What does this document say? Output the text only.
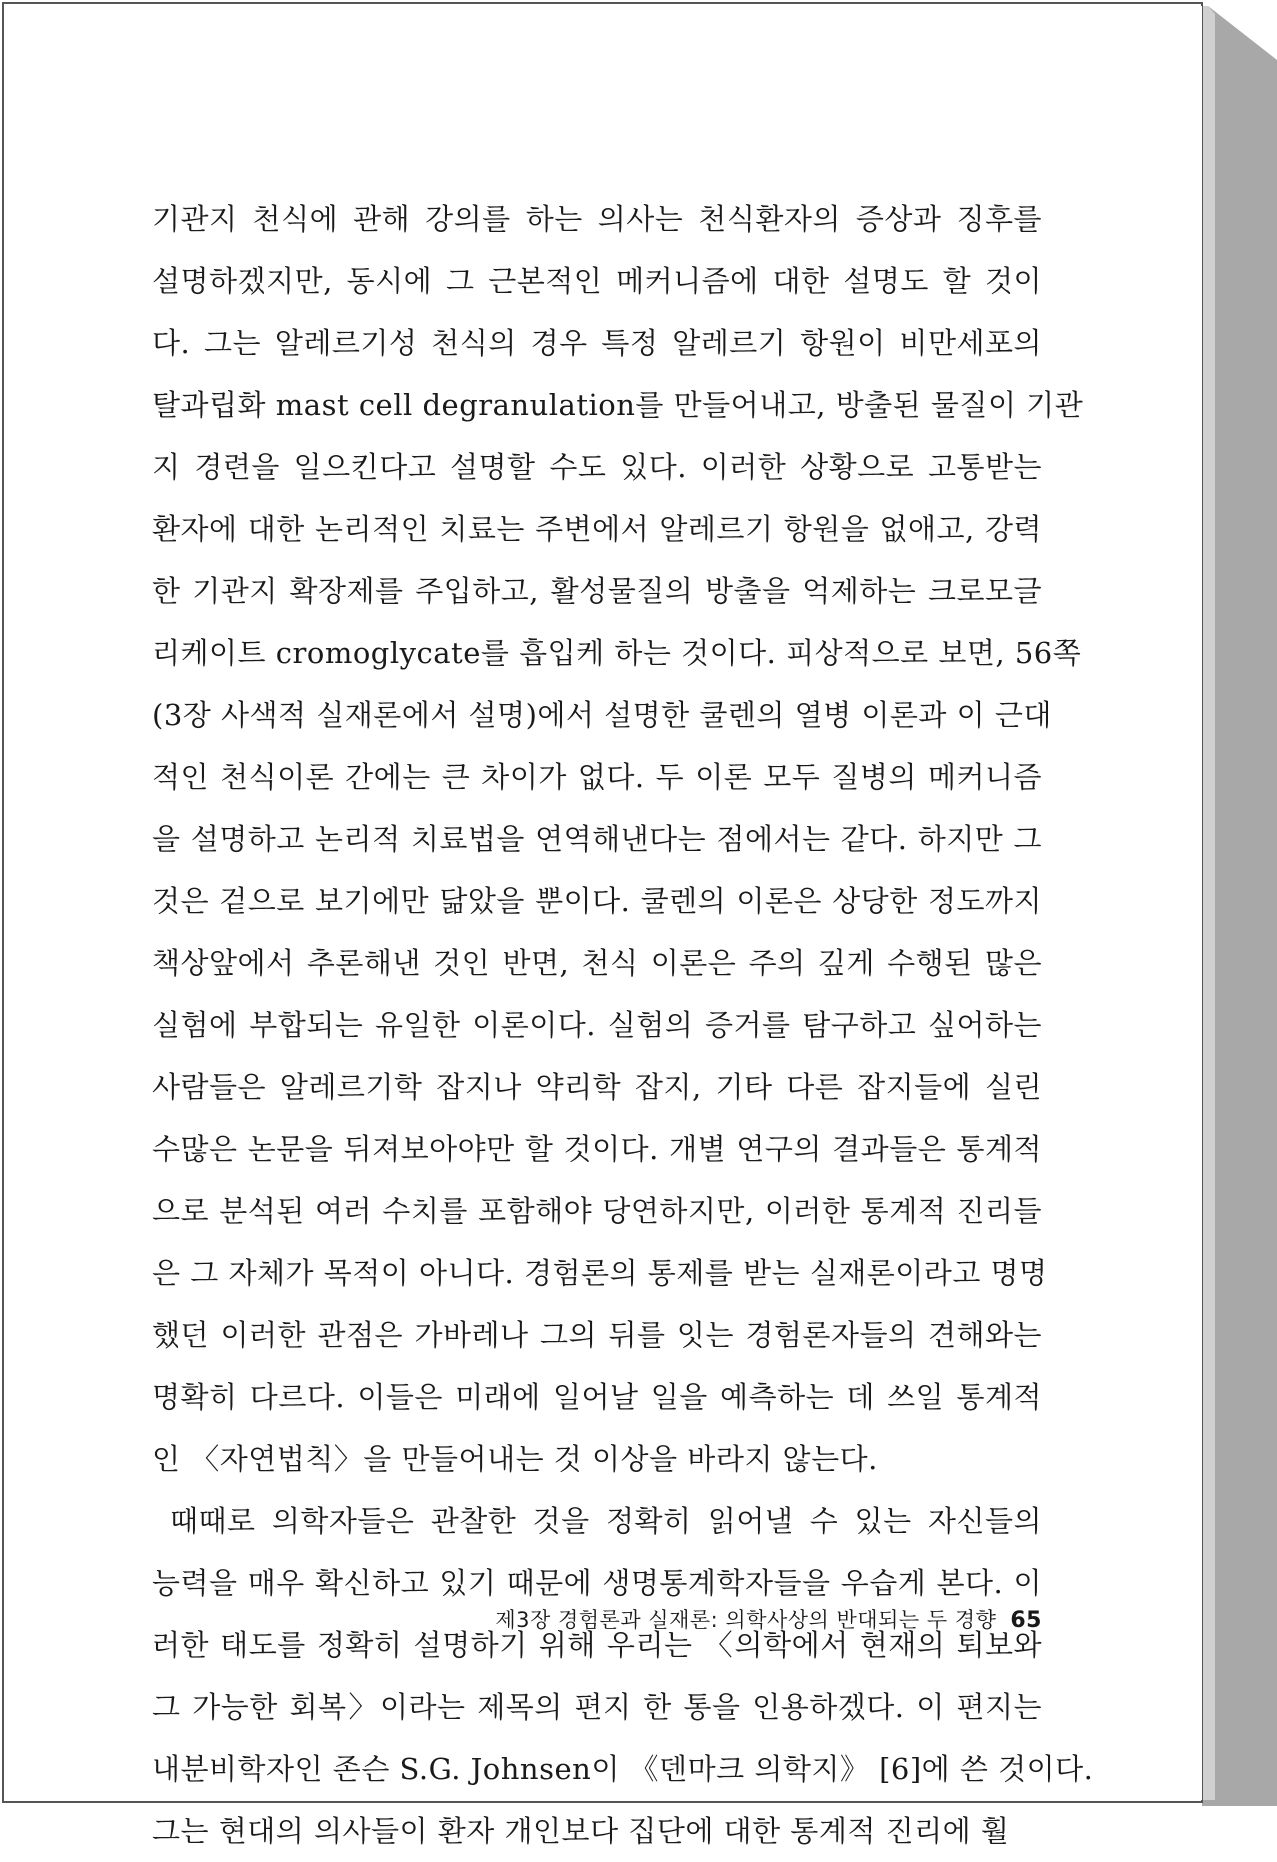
기관지 천식에 관해 강의를 하는 의사는 천식환자의 증상과 징후를
설명하겠지만, 동시에 그 근본적인 메커니즘에 대한 설명도 할 것이
다. 그는 알레르기성 천식의 경우 특정 알레르기 항원이 비만세포의
탈과립화 mast cell degranulation를 만들어내고, 방출된 물질이 기관
지 경련을 일으킨다고 설명할 수도 있다. 이러한 상황으로 고통받는
환자에 대한 논리적인 치료는 주변에서 알레르기 항원을 없애고, 강력
한 기관지 확장제를 주입하고, 활성물질의 방출을 억제하는 크로모글
리케이트 cromoglycate를 흡입케 하는 것이다. 피상적으로 보면, 56쪽
(3장 사색적 실재론에서 설명)에서 설명한 쿨렌의 열병 이론과 이 근대
적인 천식이론 간에는 큰 차이가 없다. 두 이론 모두 질병의 메커니즘
을 설명하고 논리적 치료법을 연역해낸다는 점에서는 같다. 하지만 그
것은 겉으로 보기에만 닮았을 뿐이다. 쿨렌의 이론은 상당한 정도까지
책상앞에서 추론해낸 것인 반면, 천식 이론은 주의 깊게 수행된 많은
실험에 부합되는 유일한 이론이다. 실험의 증거를 탐구하고 싶어하는
사람들은 알레르기학 잡지나 약리학 잡지, 기타 다른 잡지들에 실린
수많은 논문을 뒤져보아야만 할 것이다. 개별 연구의 결과들은 통계적
으로 분석된 여러 수치를 포함해야 당연하지만, 이러한 통계적 진리들
은 그 자체가 목적이 아니다. 경험론의 통제를 받는 실재론이라고 명명
했던 이러한 관점은 가바레나 그의 뒤를 잇는 경험론자들의 견해와는
명확히 다르다. 이들은 미래에 일어날 일을 예측하는 데 쓰일 통계적
인 〈자연법칙〉을 만들어내는 것 이상을 바라지 않는다.
때때로 의학자들은 관찰한 것을 정확히 읽어낼 수 있는 자신들의
능력을 매우 확신하고 있기 때문에 생명통계학자들을 우습게 본다. 이
러한 태도를 정확히 설명하기 위해 우리는 〈의학에서 현재의 퇴보와
그 가능한 회복〉이라는 제목의 편지 한 통을 인용하겠다. 이 편지는
내분비학자인 존슨 S.G. Johnsen이 《덴마크 의학지》 [6]에 쓴 것이다.
그는 현대의 의사들이 환자 개인보다 집단에 대한 통계적 진리에 훨
제3장 경험론과 실재론: 의학사상의 반대되는 두 경향 65
